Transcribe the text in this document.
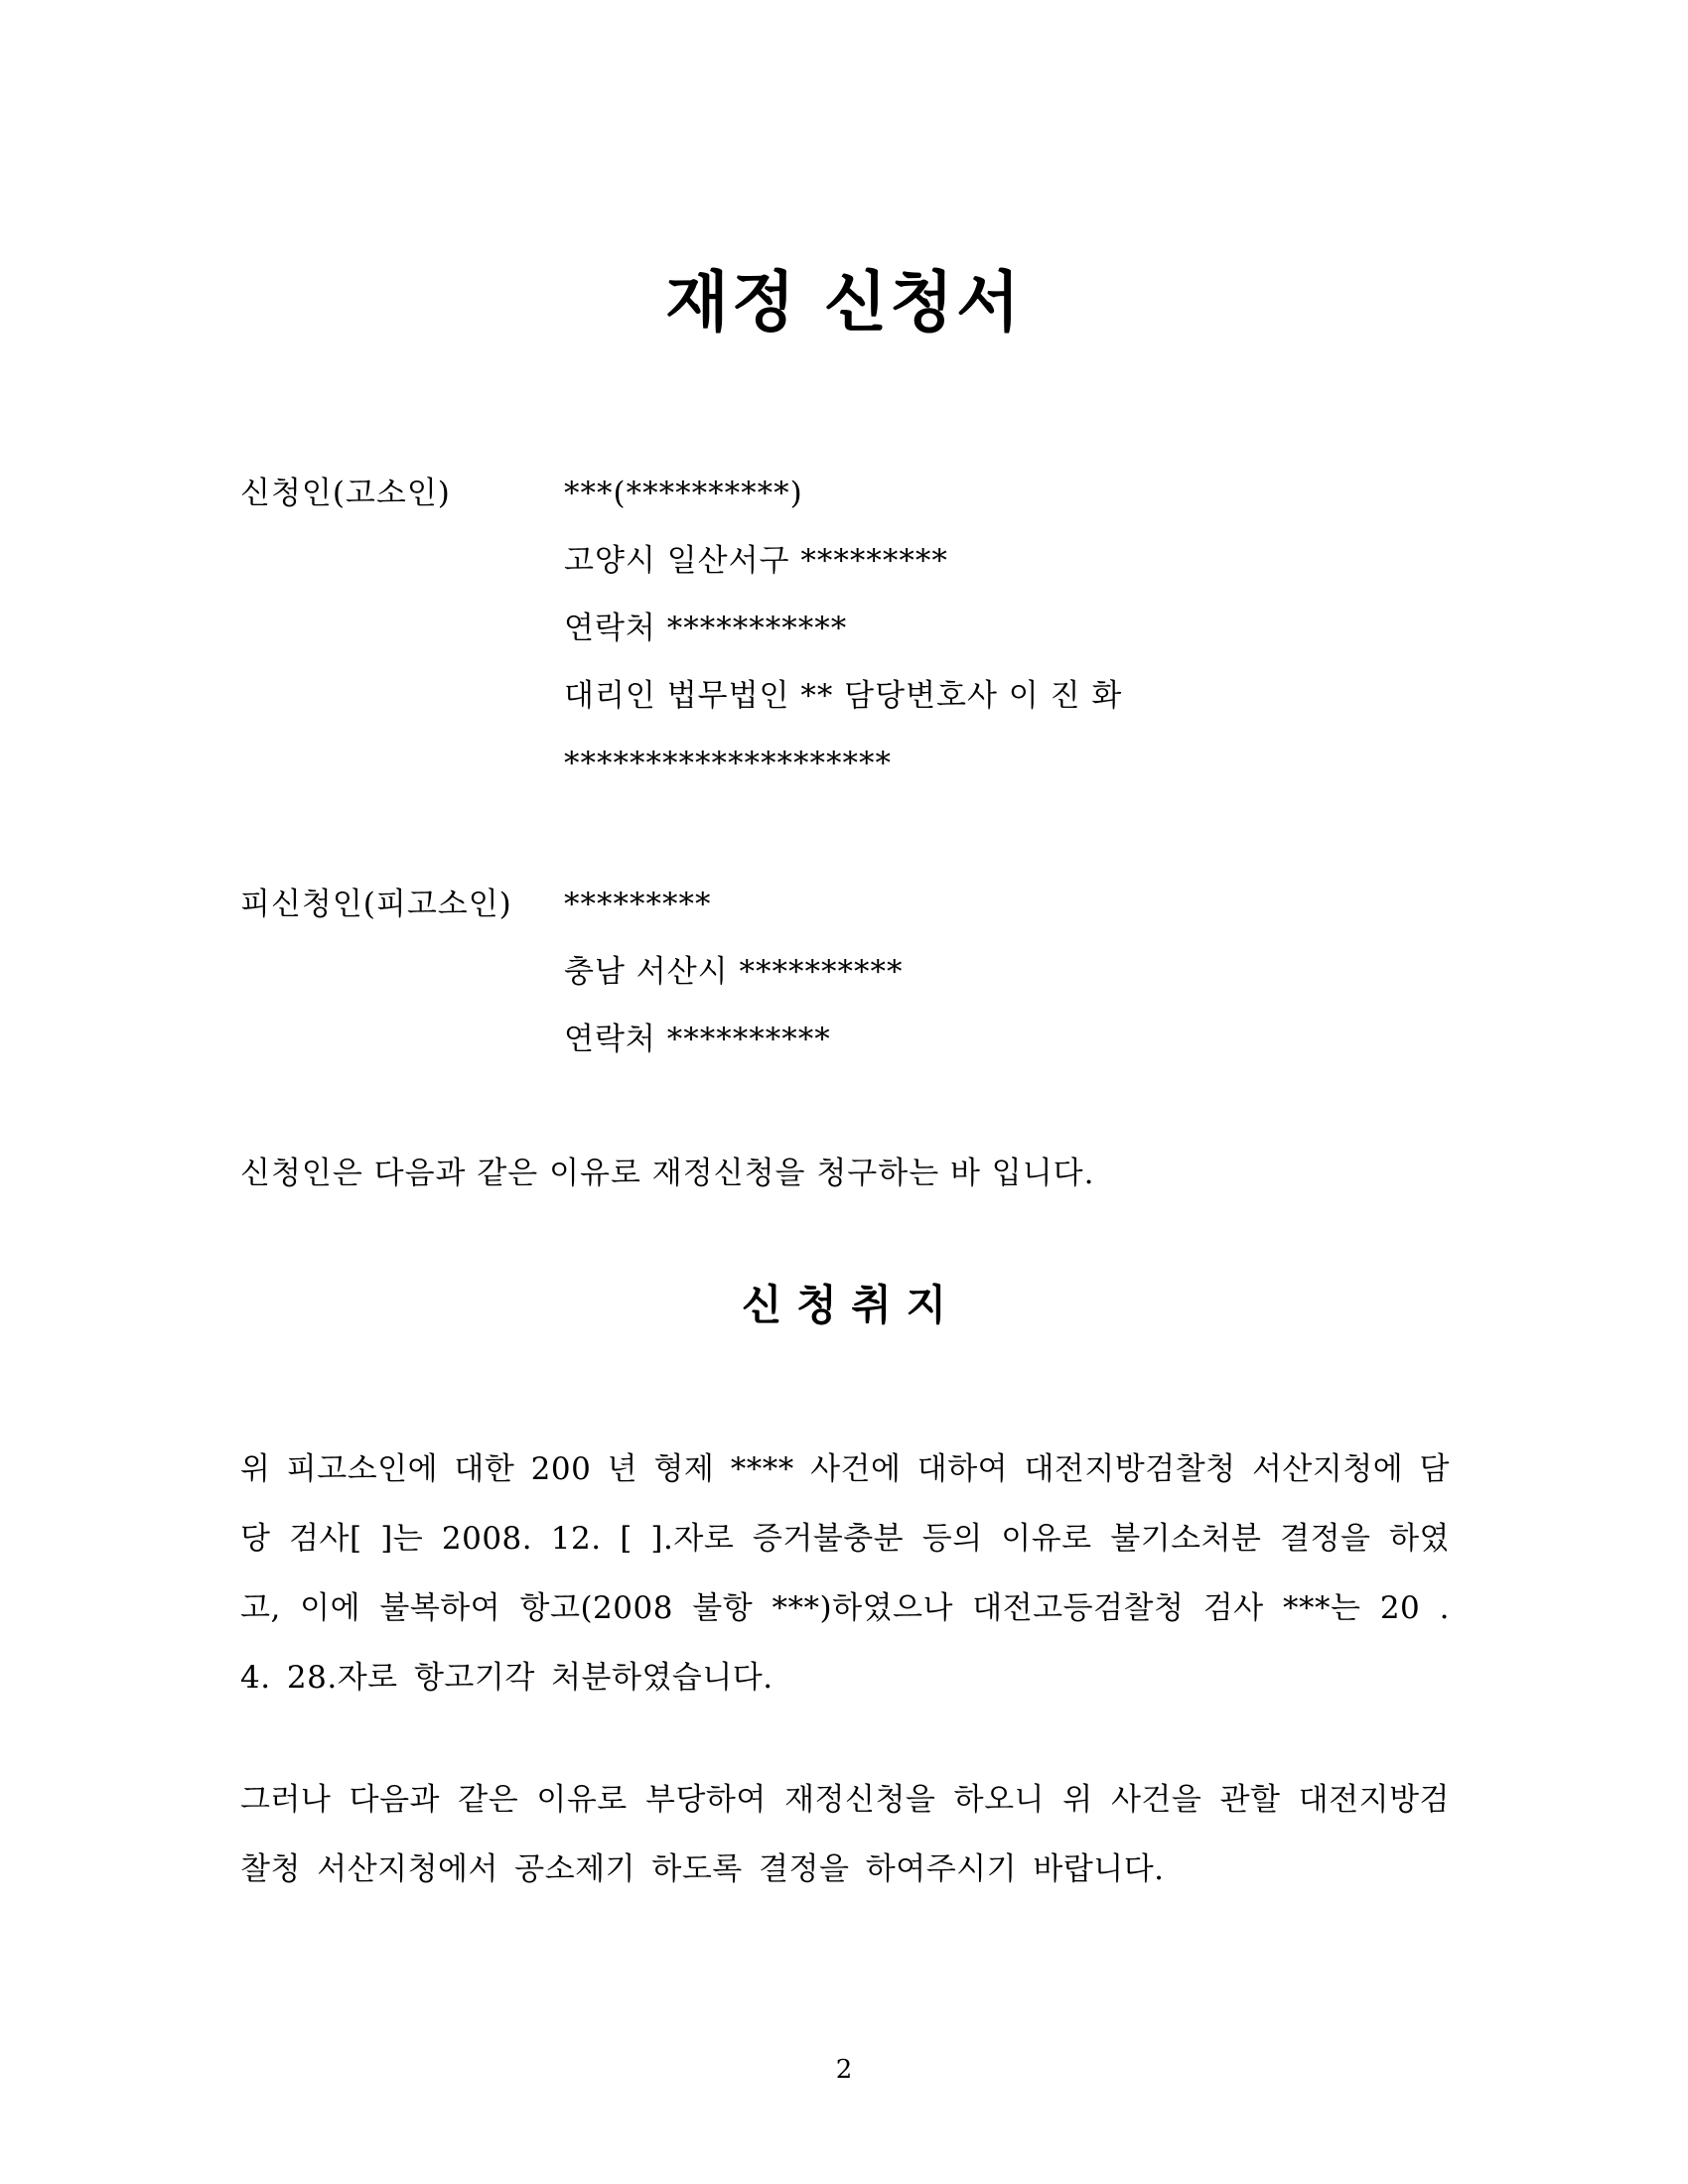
재정 신청서
신청인(고소인)	***(**********)
고양시 일산서구 *********
연락처 ***********
대리인 법무법인 ** 담당변호사 이 진 화
********************
피신청인(피고소인) *********
충남 서산시 **********
연락처 **********
신청인은 다음과 같은 이유로 재정신청을 청구하는 바 입니다.
신 청 취 지
위 피고소인에 대한 200 년 형제 **** 사건에 대하여 대전지방검찰청 서산지청에 담당 검사[ ]는 2008. 12. [ ].자로 증거불충분 등의 이유로 불기소처분 결정을 하였고, 이에 불복하여 항고(2008 불항 ***)하였으나 대전고등검찰청 검사 ***는 20 . 4. 28.자로 항고기각 처분하였습니다.
그러나 다음과 같은 이유로 부당하여 재정신청을 하오니 위 사건을 관할 대전지방검찰청 서산지청에서 공소제기 하도록 결정을 하여주시기 바랍니다.
2
